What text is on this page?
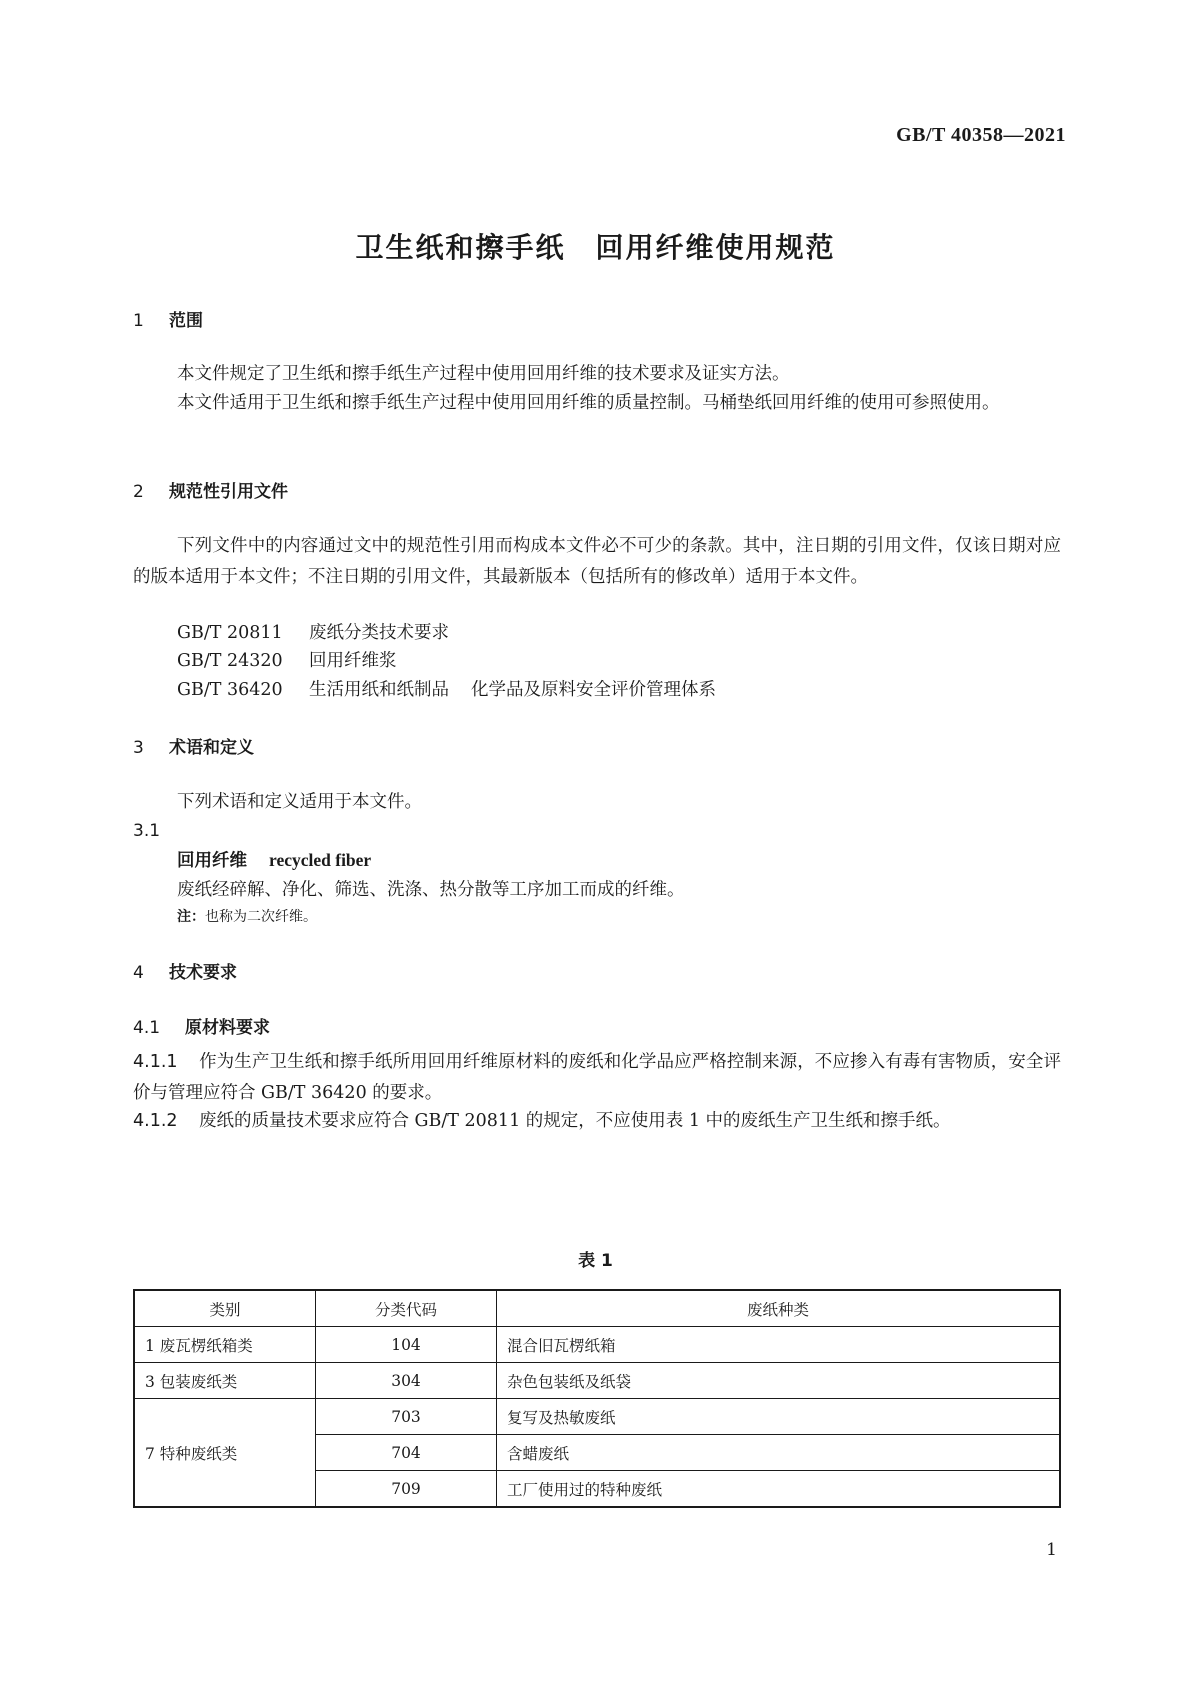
GB/T 40358—2021
卫生纸和擦手纸　回用纤维使用规范
1 范围

本文件规定了卫生纸和擦手纸生产过程中使用回用纤维的技术要求及证实方法。

本文件适用于卫生纸和擦手纸生产过程中使用回用纤维的质量控制。马桶垫纸回用纤维的使用可参照使用。

2 规范性引用文件

下列文件中的内容通过文中的规范性引用而构成本文件必不可少的条款。其中，注日期的引用文件，仅该日期对应的版本适用于本文件；不注日期的引用文件，其最新版本（包括所有的修改单）适用于本文件。

GB/T 20811 废纸分类技术要求

GB/T 24320 回用纤维浆

GB/T 36420 生活用纸和纸制品 化学品及原料安全评价管理体系

3 术语和定义

下列术语和定义适用于本文件。

3.1

回用纤维 recycled fiber

废纸经碎解、净化、筛选、洗涤、热分散等工序加工而成的纤维。

注：也称为二次纤维。

4 技术要求
4.1 原材料要求

4.1.1 作为生产卫生纸和擦手纸所用回用纤维原材料的废纸和化学品应严格控制来源，不应掺入有毒有害物质，安全评价与管理应符合 GB/T 36420 的要求。

4.1.2 废纸的质量技术要求应符合 GB/T 20811 的规定，不应使用表 1 中的废纸生产卫生纸和擦手纸。

表 1
类别	分类代码	废纸种类
1 废瓦楞纸箱类	104	混合旧瓦楞纸箱
3 包装废纸类	304	杂色包装纸及纸袋
7 特种废纸类	703	复写及热敏废纸
	704	含蜡废纸
	709	工厂使用过的特种废纸
1
